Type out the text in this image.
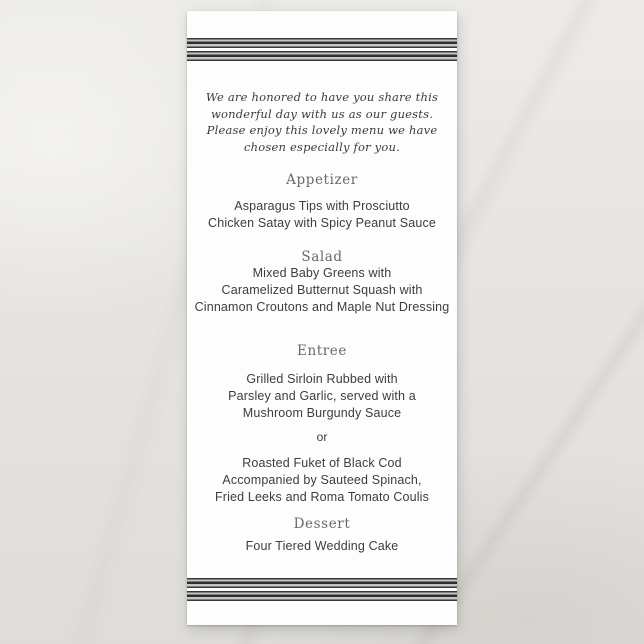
We are honored to have you share this
wonderful day with us as our guests.
Please enjoy this lovely menu we have
chosen especially for you.
Appetizer
Asparagus Tips with Prosciutto
Chicken Satay with Spicy Peanut Sauce
Salad
Mixed Baby Greens with
Caramelized Butternut Squash with
Cinnamon Croutons and Maple Nut Dressing
Entree
Grilled Sirloin Rubbed with
Parsley and Garlic, served with a
Mushroom Burgundy Sauce
or
Roasted Fuket of Black Cod
Accompanied by Sauteed Spinach,
Fried Leeks and Roma Tomato Coulis
Dessert
Four Tiered Wedding Cake
